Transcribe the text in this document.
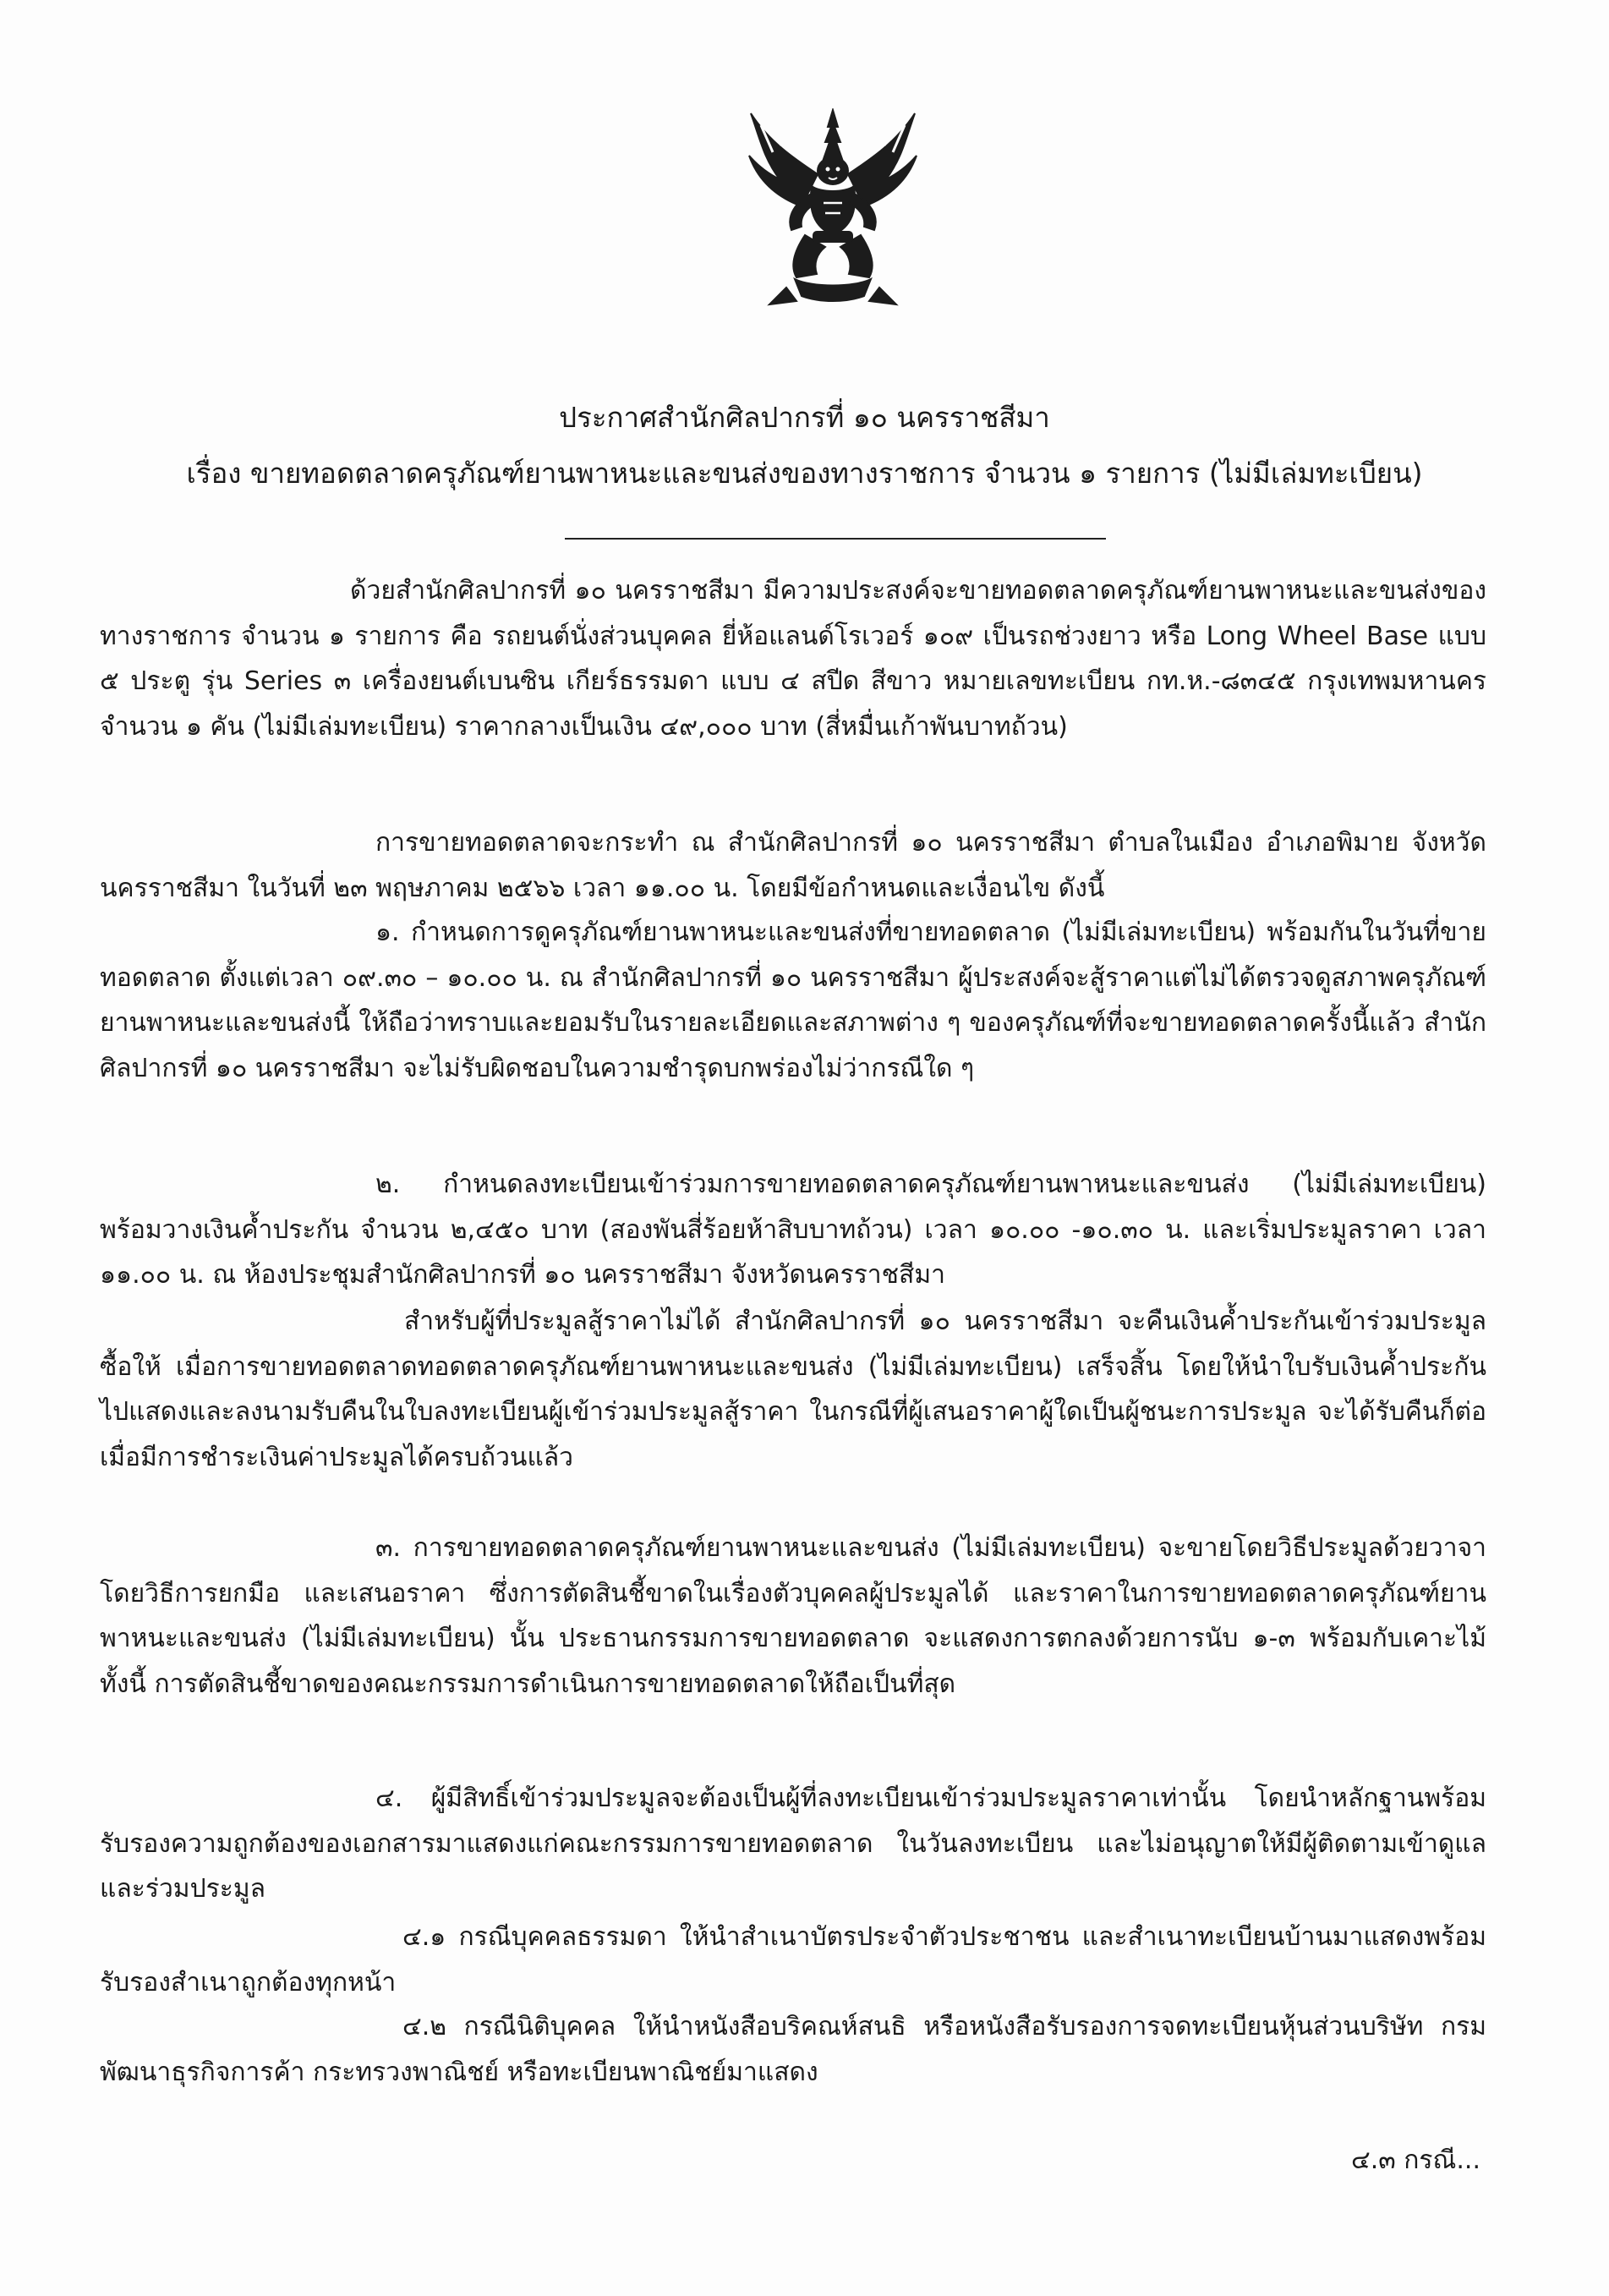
ประกาศสำนักศิลปากรที่ ๑๐ นครราชสีมา
เรื่อง ขายทอดตลาดครุภัณฑ์ยานพาหนะและขนส่งของทางราชการ จำนวน ๑ รายการ (ไม่มีเล่มทะเบียน)

ด้วยสำนักศิลปากรที่ ๑๐ นครราชสีมา มีความประสงค์จะขายทอดตลาดครุภัณฑ์ยานพาหนะและขนส่งของทางราชการ จำนวน ๑ รายการ คือ รถยนต์นั่งส่วนบุคคล ยี่ห้อแลนด์โรเวอร์ ๑๐๙ เป็นรถช่วงยาว หรือ Long Wheel Base แบบ ๕ ประตู รุ่น Series ๓ เครื่องยนต์เบนซิน เกียร์ธรรมดา แบบ ๔ สปีด สีขาว หมายเลขทะเบียน กท.ห.-๘๓๔๕ กรุงเทพมหานคร จำนวน ๑ คัน (ไม่มีเล่มทะเบียน) ราคากลางเป็นเงิน ๔๙,๐๐๐ บาท (สี่หมื่นเก้าพันบาทถ้วน)

การขายทอดตลาดจะกระทำ ณ สำนักศิลปากรที่ ๑๐ นครราชสีมา ตำบลในเมือง อำเภอพิมาย จังหวัดนครราชสีมา ในวันที่ ๒๓ พฤษภาคม ๒๕๖๖ เวลา ๑๑.๐๐ น. โดยมีข้อกำหนดและเงื่อนไข ดังนี้

๑. กำหนดการดูครุภัณฑ์ยานพาหนะและขนส่งที่ขายทอดตลาด (ไม่มีเล่มทะเบียน) พร้อมกันในวันที่ขายทอดตลาด ตั้งแต่เวลา ๐๙.๓๐ – ๑๐.๐๐ น. ณ สำนักศิลปากรที่ ๑๐ นครราชสีมา ผู้ประสงค์จะสู้ราคาแต่ไม่ได้ตรวจดูสภาพครุภัณฑ์ยานพาหนะและขนส่งนี้ ให้ถือว่าทราบและยอมรับในรายละเอียดและสภาพต่าง ๆ ของครุภัณฑ์ที่จะขายทอดตลาดครั้งนี้แล้ว สำนักศิลปากรที่ ๑๐ นครราชสีมา จะไม่รับผิดชอบในความชำรุดบกพร่องไม่ว่ากรณีใด ๆ

๒. กำหนดลงทะเบียนเข้าร่วมการขายทอดตลาดครุภัณฑ์ยานพาหนะและขนส่ง (ไม่มีเล่มทะเบียน) พร้อมวางเงินค้ำประกัน จำนวน ๒,๔๕๐ บาท (สองพันสี่ร้อยห้าสิบบาทถ้วน) เวลา ๑๐.๐๐ -๑๐.๓๐ น. และเริ่มประมูลราคา เวลา ๑๑.๐๐ น. ณ ห้องประชุมสำนักศิลปากรที่ ๑๐ นครราชสีมา จังหวัดนครราชสีมา

สำหรับผู้ที่ประมูลสู้ราคาไม่ได้ สำนักศิลปากรที่ ๑๐ นครราชสีมา จะคืนเงินค้ำประกันเข้าร่วมประมูลซื้อให้ เมื่อการขายทอดตลาดทอดตลาดครุภัณฑ์ยานพาหนะและขนส่ง (ไม่มีเล่มทะเบียน) เสร็จสิ้น โดยให้นำใบรับเงินค้ำประกันไปแสดงและลงนามรับคืนในใบลงทะเบียนผู้เข้าร่วมประมูลสู้ราคา ในกรณีที่ผู้เสนอราคาผู้ใดเป็นผู้ชนะการประมูล จะได้รับคืนก็ต่อเมื่อมีการชำระเงินค่าประมูลได้ครบถ้วนแล้ว

๓. การขายทอดตลาดครุภัณฑ์ยานพาหนะและขนส่ง (ไม่มีเล่มทะเบียน) จะขายโดยวิธีประมูลด้วยวาจา โดยวิธีการยกมือ และเสนอราคา ซึ่งการตัดสินชี้ขาดในเรื่องตัวบุคคลผู้ประมูลได้ และราคาในการขายทอดตลาดครุภัณฑ์ยานพาหนะและขนส่ง (ไม่มีเล่มทะเบียน) นั้น ประธานกรรมการขายทอดตลาด จะแสดงการตกลงด้วยการนับ ๑-๓ พร้อมกับเคาะไม้ ทั้งนี้ การตัดสินชี้ขาดของคณะกรรมการดำเนินการขายทอดตลาดให้ถือเป็นที่สุด

๔. ผู้มีสิทธิ์เข้าร่วมประมูลจะต้องเป็นผู้ที่ลงทะเบียนเข้าร่วมประมูลราคาเท่านั้น โดยนำหลักฐานพร้อมรับรองความถูกต้องของเอกสารมาแสดงแก่คณะกรรมการขายทอดตลาด ในวันลงทะเบียน และไม่อนุญาตให้มีผู้ติดตามเข้าดูแล และร่วมประมูล

๔.๑ กรณีบุคคลธรรมดา ให้นำสำเนาบัตรประจำตัวประชาชน และสำเนาทะเบียนบ้านมาแสดงพร้อมรับรองสำเนาถูกต้องทุกหน้า

๔.๒ กรณีนิติบุคคล ให้นำหนังสือบริคณห์สนธิ หรือหนังสือรับรองการจดทะเบียนหุ้นส่วนบริษัท กรมพัฒนาธุรกิจการค้า กระทรวงพาณิชย์ หรือทะเบียนพาณิชย์มาแสดง

๔.๓ กรณี...
